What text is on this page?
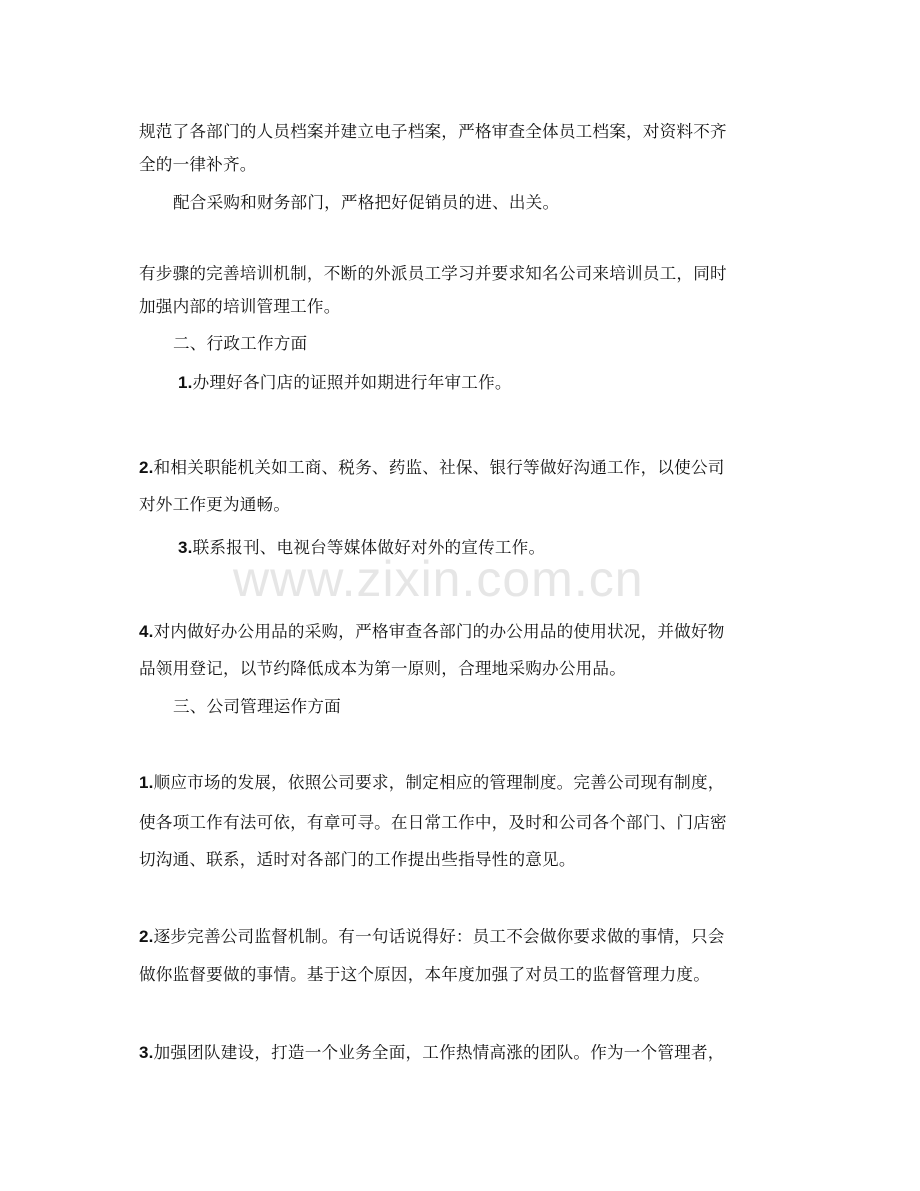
www.zixin.com.cn
规范了各部门的人员档案并建立电子档案，严格审查全体员工档案，对资料不齐
全的一律补齐。
配合采购和财务部门，严格把好促销员的进、出关。
有步骤的完善培训机制，不断的外派员工学习并要求知名公司来培训员工，同时
加强内部的培训管理工作。
二、行政工作方面
1.办理好各门店的证照并如期进行年审工作。
2.和相关职能机关如工商、税务、药监、社保、银行等做好沟通工作，以使公司
对外工作更为通畅。
3.联系报刊、电视台等媒体做好对外的宣传工作。
4.对内做好办公用品的采购，严格审查各部门的办公用品的使用状况，并做好物
品领用登记，以节约降低成本为第一原则，合理地采购办公用品。
三、公司管理运作方面
1.顺应市场的发展，依照公司要求，制定相应的管理制度。完善公司现有制度，
使各项工作有法可依，有章可寻。在日常工作中，及时和公司各个部门、门店密
切沟通、联系，适时对各部门的工作提出些指导性的意见。
2.逐步完善公司监督机制。有一句话说得好：员工不会做你要求做的事情，只会
做你监督要做的事情。基于这个原因，本年度加强了对员工的监督管理力度。
3.加强团队建设，打造一个业务全面，工作热情高涨的团队。作为一个管理者，
